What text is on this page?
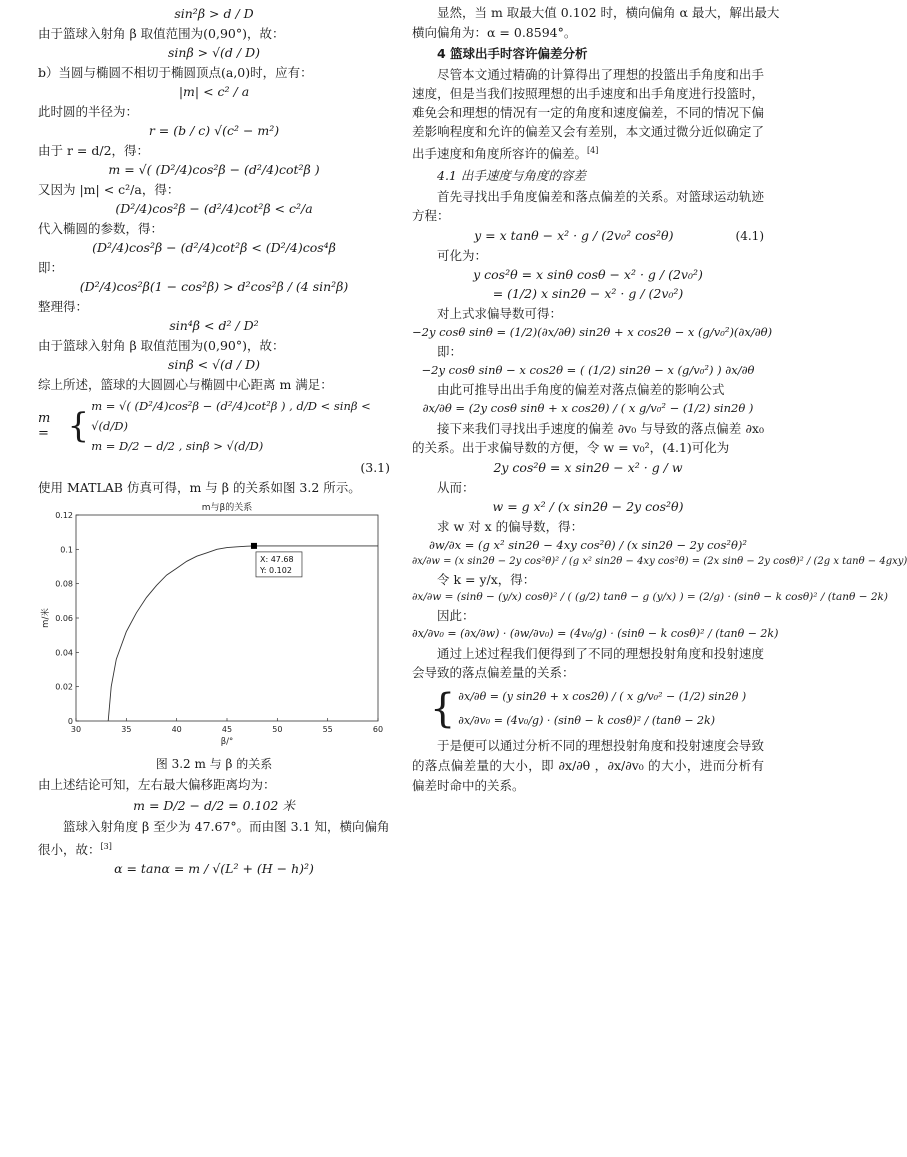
sin²β > d / D
由于篮球入射角 β 取值范围为(0,90°)，故：
sinβ > √(d / D)
b）当圆与椭圆不相切于椭圆顶点(a,0)时，应有：
|m| < c² / a
此时圆的半径为：
r = (b / c) √(c² − m²)
由于 r = d/2，得：
m = √( (D²/4)cos²β − (d²/4)cot²β )
又因为 |m| < c²/a，得：
(D²/4)cos²β − (d²/4)cot²β < c²/a
代入椭圆的参数，得：
(D²/4)cos²β − (d²/4)cot²β < (D²/4)cos⁴β
即：
(D²/4)cos²β(1 − cos²β) > d²cos²β / (4 sin²β)
整理得：
sin⁴β < d² / D²
由于篮球入射角 β 取值范围为(0,90°)，故：
sinβ < √(d / D)
综上所述，篮球的大圆圆心与椭圆中心距离 m 满足：
m = { m = √( (D²/4)cos²β − (d²/4)cot²β ) , d/D < sinβ < √(d/D)
m = D/2 − d/2 , sinβ > √(d/D)
(3.1)
使用 MATLAB 仿真可得，m 与 β 的关系如图 3.2 所示。
m与β的关系
30	35	40	45	50	55	60
0
0.02
0.04
0.06
0.08
0.1
0.12
β/°
m/米
X: 47.68
Y: 0.102
图 3.2 m 与 β 的关系
由上述结论可知，左右最大偏移距离均为：
m = D/2 − d/2 = 0.102 米
篮球入射角度 β 至少为 47.67°。而由图 3.1 知，横向偏角
很小，故：[3]
α = tanα = m / √(L² + (H − h)²)
显然，当 m 取最大值 0.102 时，横向偏角 α 最大，解出最大
横向偏角为：α = 0.8594°。
4 篮球出手时容许偏差分析
尽管本文通过精确的计算得出了理想的投篮出手角度和出手速度，但是当我们按照理想的出手速度和出手角度进行投篮时，难免会和理想的情况有一定的角度和速度偏差，不同的情况下偏差影响程度和允许的偏差又会有差别，本文通过微分近似确定了出手速度和角度所容许的偏差。[4]
4.1 出手速度与角度的容差
首先寻找出手角度偏差和落点偏差的关系。对篮球运动轨迹方程：
y = x tanθ − x² · g / (2v₀² cos²θ)	(4.1)
可化为：
y cos²θ = x sinθ cosθ − x² · g / (2v₀²)
= (1/2) x sin2θ − x² · g / (2v₀²)
对上式求偏导数可得：
−2y cosθ sinθ = (1/2)(∂x/∂θ) sin2θ + x cos2θ − x (g/v₀²)(∂x/∂θ)
即：
−2y cosθ sinθ − x cos2θ = ( (1/2) sin2θ − x (g/v₀²) ) ∂x/∂θ
由此可推导出出手角度的偏差对落点偏差的影响公式
∂x/∂θ = (2y cosθ sinθ + x cos2θ) / ( x g/v₀² − (1/2) sin2θ )
接下来我们寻找出手速度的偏差 ∂v₀ 与导致的落点偏差 ∂x₀ 的关系。出于求偏导数的方便，令 w = v₀²，(4.1)可化为
2y cos²θ = x sin2θ − x² · g / w
从而：
w = g x² / (x sin2θ − 2y cos²θ)
求 w 对 x 的偏导数，得：
∂w/∂x = (g x² sin2θ − 4xy cos²θ) / (x sin2θ − 2y cos²θ)²
∂x/∂w = (x sin2θ − 2y cos²θ)² / (g x² sin2θ − 4xy cos²θ) = (2x sinθ − 2y cosθ)² / (2g x tanθ − 4gxy)
令 k = y/x，得：
∂x/∂w = (sinθ − (y/x) cosθ)² / ( (g/2) tanθ − g (y/x) ) = (2/g) · (sinθ − k cosθ)² / (tanθ − 2k)
因此：
∂x/∂v₀ = (∂x/∂w) · (∂w/∂v₀) = (4v₀/g) · (sinθ − k cosθ)² / (tanθ − 2k)
通过上述过程我们便得到了不同的理想投射角度和投射速度会导致的落点偏差量的关系：
{ ∂x/∂θ = (y sin2θ + x cos2θ) / ( x g/v₀² − (1/2) sin2θ )
∂x/∂v₀ = (4v₀/g) · (sinθ − k cosθ)² / (tanθ − 2k)
于是便可以通过分析不同的理想投射角度和投射速度会导致的落点偏差量的大小，即 ∂x/∂θ ，∂x/∂v₀ 的大小，进而分析有偏差时命中的关系。
